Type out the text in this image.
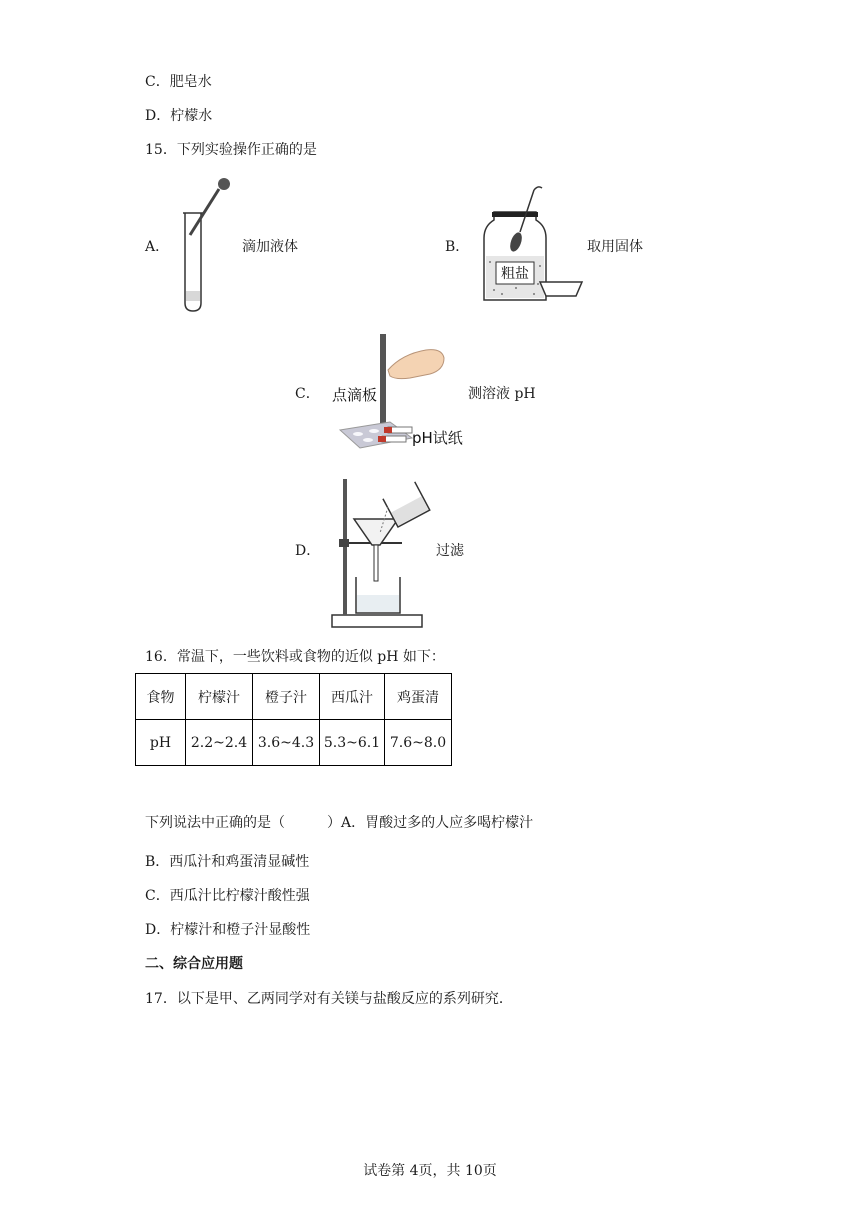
C．肥皂水
D．柠檬水
15．下列实验操作正确的是
A．	滴加液体	B．
粗盐
取用固体
C． 点滴板
pH试纸
测溶液 pH
D．	过滤
16．常温下，一些饮料或食物的近似 pH 如下：
食物	柠檬汁	橙子汁	西瓜汁	鸡蛋清
pH	2.2~2.4	3.6~4.3	5.3~6.1	7.6~8.0
下列说法中正确的是（　　　）A．胃酸过多的人应多喝柠檬汁
B．西瓜汁和鸡蛋清显碱性
C．西瓜汁比柠檬汁酸性强
D．柠檬汁和橙子汁显酸性
二、综合应用题
17．以下是甲、乙两同学对有关镁与盐酸反应的系列研究．
试卷第 4页，共 10页
